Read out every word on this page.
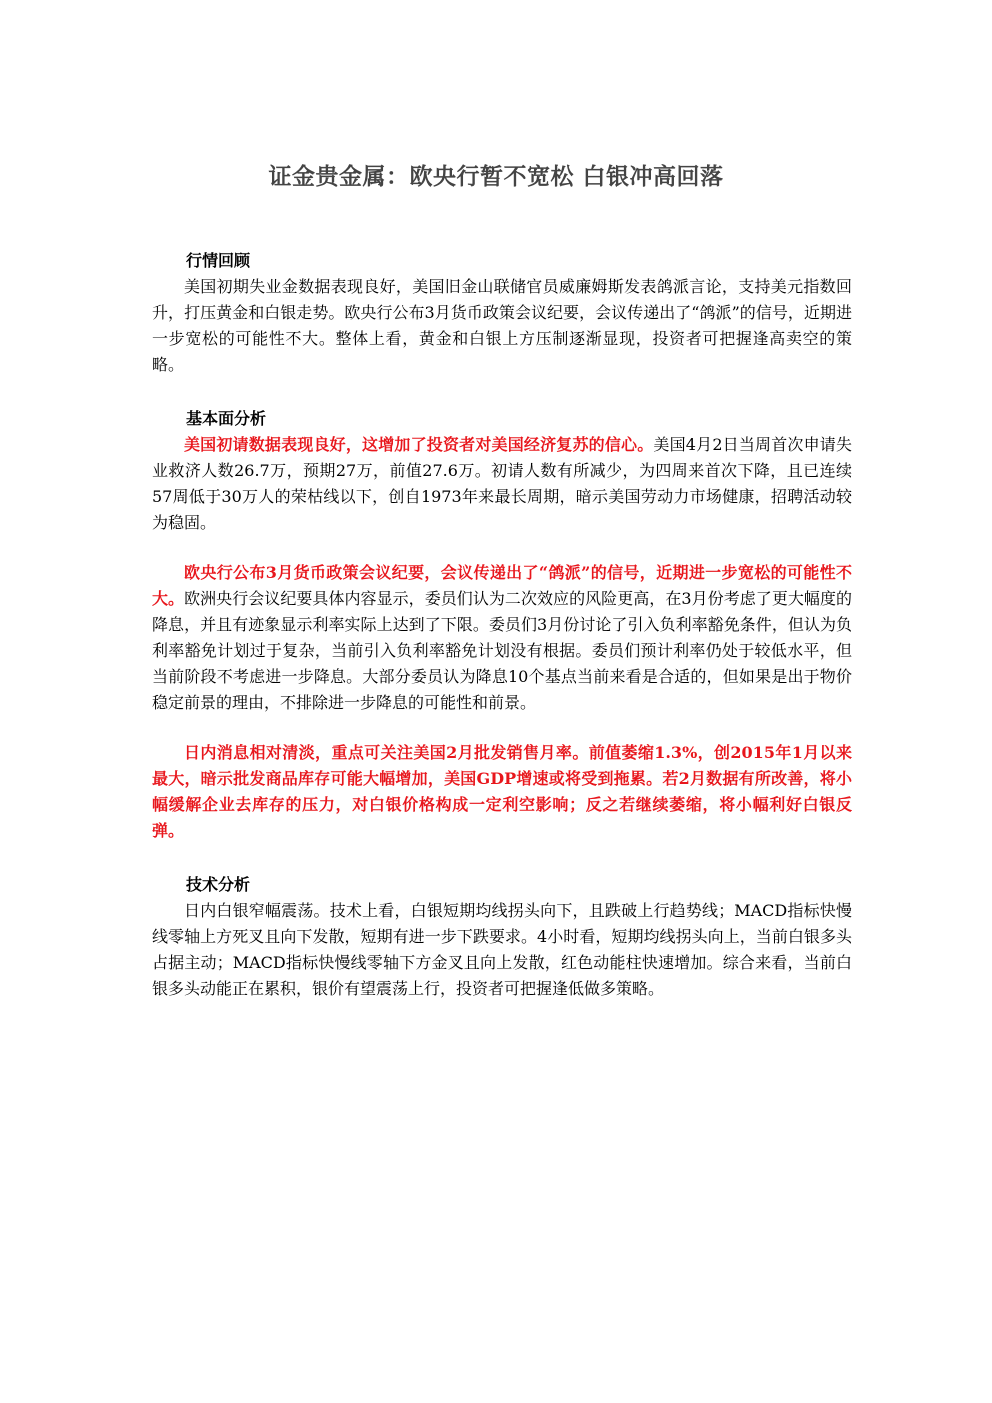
证金贵金属：欧央行暂不宽松 白银冲高回落
行情回顾

美国初期失业金数据表现良好，美国旧金山联储官员威廉姆斯发表鸽派言论，支持美元指数回升，打压黄金和白银走势。欧央行公布3月货币政策会议纪要，会议传递出了“鸽派”的信号，近期进一步宽松的可能性不大。整体上看，黄金和白银上方压制逐渐显现，投资者可把握逢高卖空的策略。

基本面分析

美国初请数据表现良好，这增加了投资者对美国经济复苏的信心。美国4月2日当周首次申请失业救济人数26.7万，预期27万，前值27.6万。初请人数有所减少，为四周来首次下降，且已连续57周低于30万人的荣枯线以下，创自1973年来最长周期，暗示美国劳动力市场健康，招聘活动较为稳固。

欧央行公布3月货币政策会议纪要，会议传递出了“鸽派”的信号，近期进一步宽松的可能性不大。欧洲央行会议纪要具体内容显示，委员们认为二次效应的风险更高，在3月份考虑了更大幅度的降息，并且有迹象显示利率实际上达到了下限。委员们3月份讨论了引入负利率豁免条件，但认为负利率豁免计划过于复杂，当前引入负利率豁免计划没有根据。委员们预计利率仍处于较低水平，但当前阶段不考虑进一步降息。大部分委员认为降息10个基点当前来看是合适的，但如果是出于物价稳定前景的理由，不排除进一步降息的可能性和前景。

日内消息相对清淡，重点可关注美国2月批发销售月率。前值萎缩1.3%，创2015年1月以来最大，暗示批发商品库存可能大幅增加，美国GDP增速或将受到拖累。若2月数据有所改善，将小幅缓解企业去库存的压力，对白银价格构成一定利空影响；反之若继续萎缩，将小幅利好白银反弹。

技术分析

日内白银窄幅震荡。技术上看，白银短期均线拐头向下，且跌破上行趋势线；MACD指标快慢线零轴上方死叉且向下发散，短期有进一步下跌要求。4小时看，短期均线拐头向上，当前白银多头占据主动；MACD指标快慢线零轴下方金叉且向上发散，红色动能柱快速增加。综合来看，当前白银多头动能正在累积，银价有望震荡上行，投资者可把握逢低做多策略。
